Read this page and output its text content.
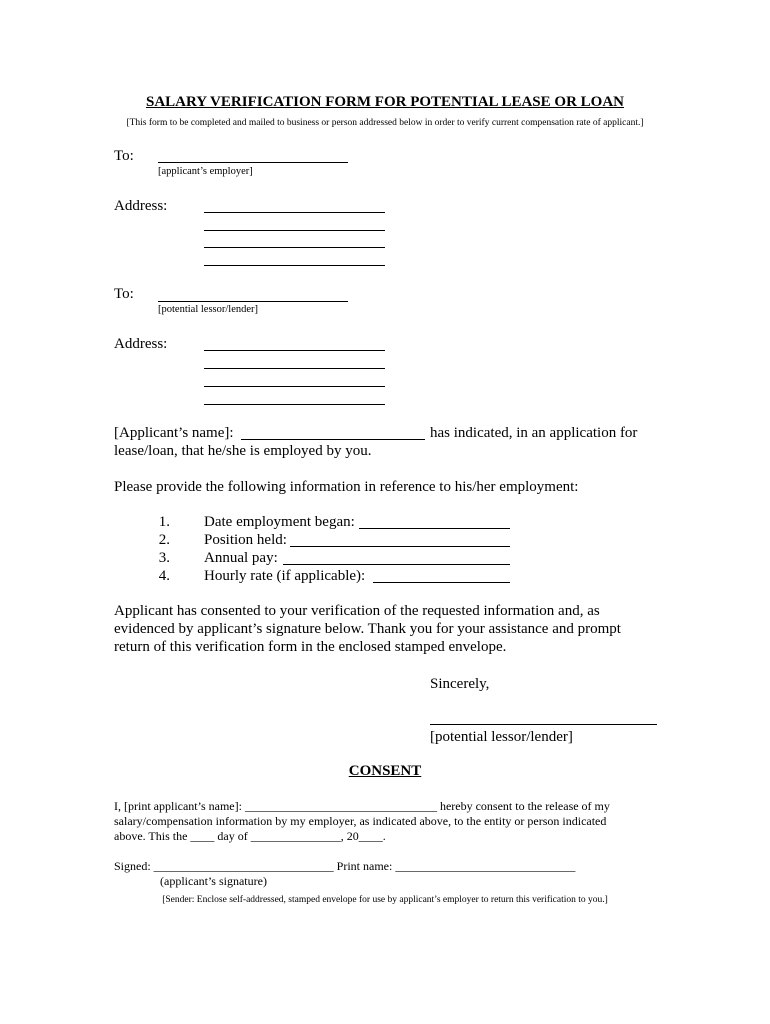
SALARY VERIFICATION FORM FOR POTENTIAL LEASE OR LOAN
[This form to be completed and mailed to business or person addressed below in order to verify current compensation rate of applicant.]
To:
[applicant’s employer]
Address:
To:
[potential lessor/lender]
Address:
[Applicant’s name]:	has indicated, in an application for
lease/loan, that he/she is employed by you.
Please provide the following information in reference to his/her employment:
1. Date employment began:
2. Position held:
3. Annual pay:
4. Hourly rate (if applicable):
Applicant has consented to your verification of the requested information and, as
evidenced by applicant’s signature below. Thank you for your assistance and prompt
return of this verification form in the enclosed stamped envelope.
Sincerely,
[potential lessor/lender]
CONSENT
I, [print applicant’s name]: ________________________________ hereby consent to the release of my
salary/compensation information by my employer, as indicated above, to the entity or person indicated
above. This the ____ day of _______________, 20____.
Signed: ______________________________ Print name: ______________________________
(applicant’s signature)
[Sender: Enclose self-addressed, stamped envelope for use by applicant’s employer to return this verification to you.]
